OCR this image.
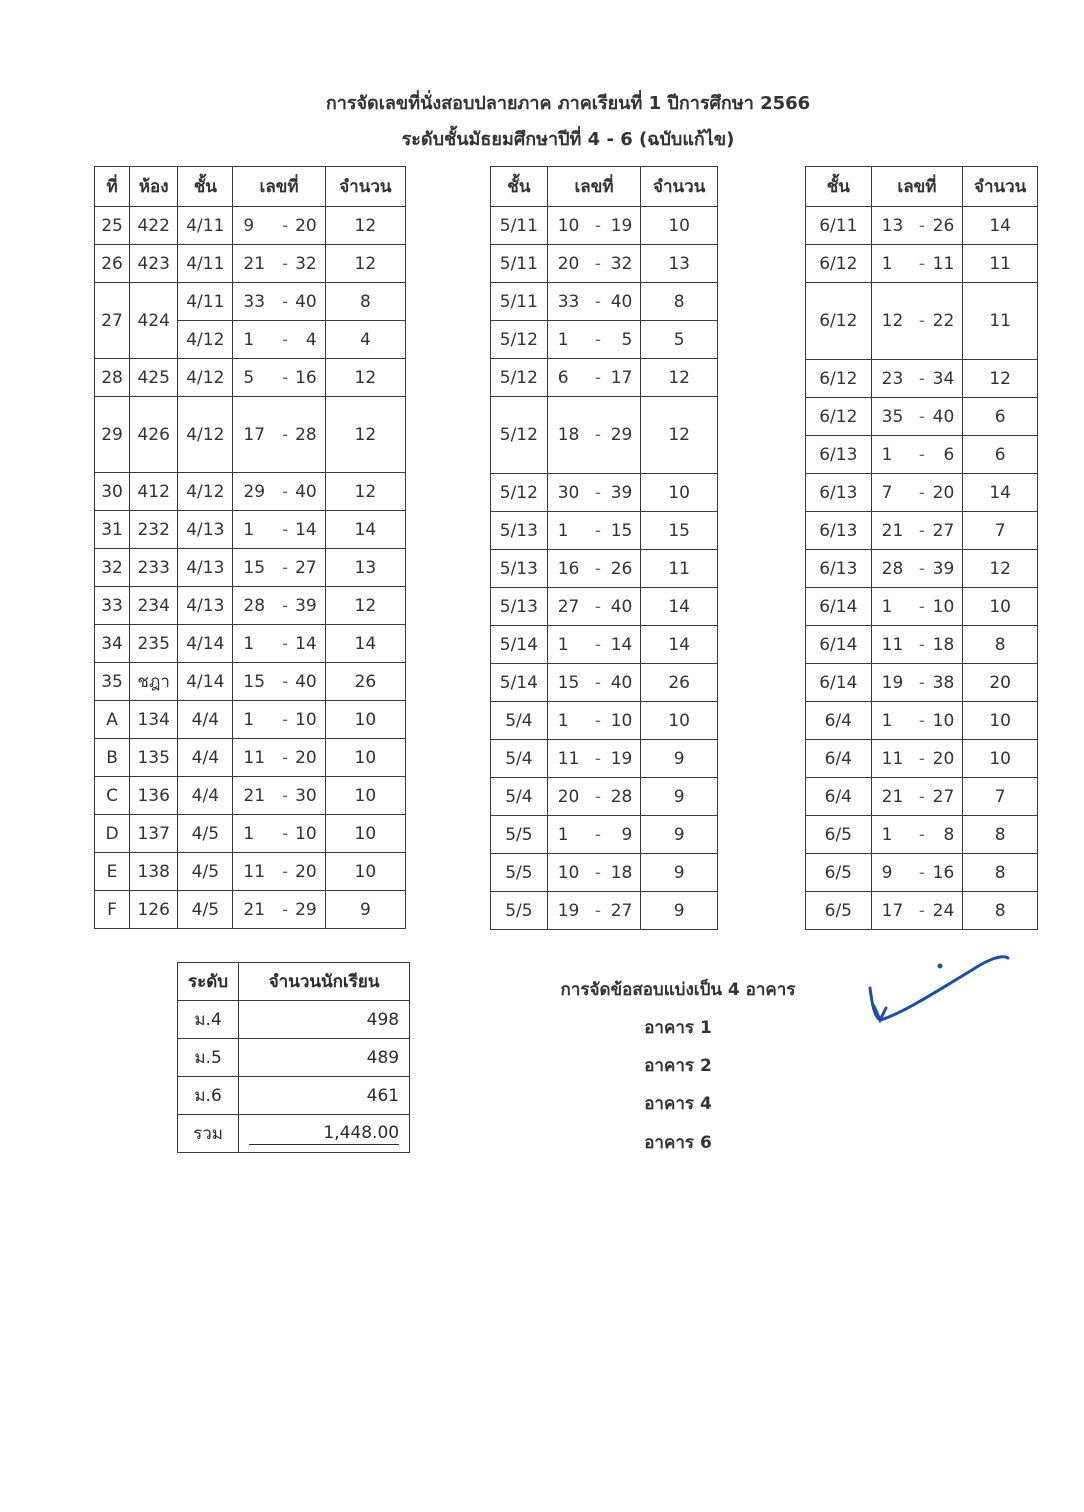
การจัดเลขที่นั่งสอบปลายภาค ภาคเรียนที่ 1 ปีการศึกษา 2566
ระดับชั้นมัธยมศึกษาปีที่ 4 - 6 (ฉบับแก้ไข)
ที่	ห้อง	ชั้น	เลขที่			จำนวน
25	422	4/11	9	-	20	12
26	423	4/11	21	-	32	12
27	424	4/11	33	-	40	8
		4/12	1	-	4	4
28	425	4/12	5	-	16	12
29	426	4/12	17	-	28	12
30	412	4/12	29	-	40	12
31	232	4/13	1	-	14	14
32	233	4/13	15	-	27	13
33	234	4/13	28	-	39	12
34	235	4/14	1	-	14	14
35	ชฎา	4/14	15	-	40	26
A	134	4/4	1	-	10	10
B	135	4/4	11	-	20	10
C	136	4/4	21	-	30	10
D	137	4/5	1	-	10	10
E	138	4/5	11	-	20	10
F	126	4/5	21	-	29	9
ชั้น	เลขที่			จำนวน
5/11	10	-	19	10
5/11	20	-	32	13
5/11	33	-	40	8
5/12	1	-	5	5
5/12	6	-	17	12
5/12	18	-	29	12
5/12	30	-	39	10
5/13	1	-	15	15
5/13	16	-	26	11
5/13	27	-	40	14
5/14	1	-	14	14
5/14	15	-	40	26
5/4	1	-	10	10
5/4	11	-	19	9
5/4	20	-	28	9
5/5	1	-	9	9
5/5	10	-	18	9
5/5	19	-	27	9
ชั้น	เลขที่			จำนวน
6/11	13	-	26	14
6/12	1	-	11	11
6/12	12	-	22	11
6/12	23	-	34	12
6/12	35	-	40	6
6/13	1	-	6	6
6/13	7	-	20	14
6/13	21	-	27	7
6/13	28	-	39	12
6/14	1	-	10	10
6/14	11	-	18	8
6/14	19	-	38	20
6/4	1	-	10	10
6/4	11	-	20	10
6/4	21	-	27	7
6/5	1	-	8	8
6/5	9	-	16	8
6/5	17	-	24	8
ระดับ	จำนวนนักเรียน
ม.4	498
ม.5	489
ม.6	461
รวม	1,448.00
การจัดข้อสอบแบ่งเป็น 4 อาคาร
อาคาร 1
อาคาร 2
อาคาร 4
อาคาร 6
